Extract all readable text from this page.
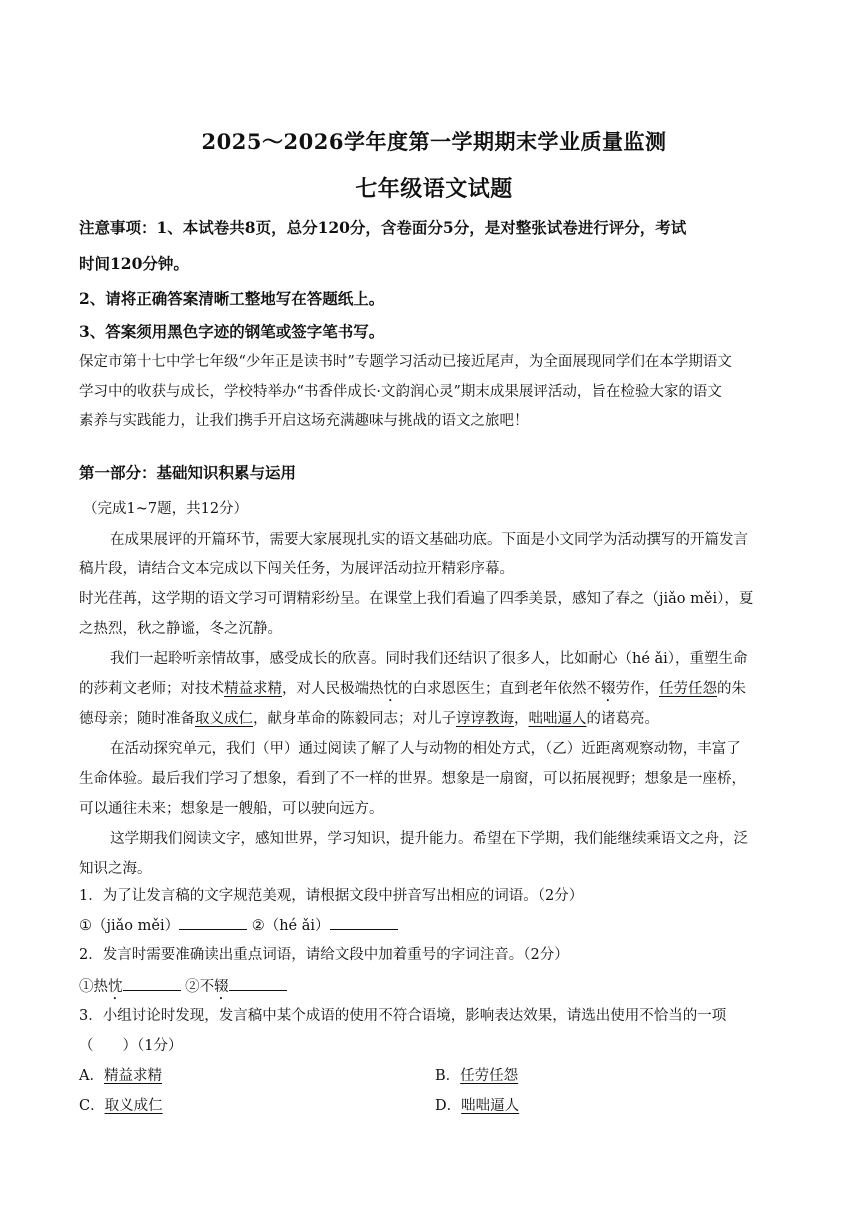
2025～2026学年度第一学期期末学业质量监测
七年级语文试题
注意事项：1、本试卷共8页，总分120分，含卷面分5分，是对整张试卷进行评分，考试
时间120分钟。
2、请将正确答案清晰工整地写在答题纸上。
3、答案须用黑色字迹的钢笔或签字笔书写。
保定市第十七中学七年级“少年正是读书时”专题学习活动已接近尾声，为全面展现同学们在本学期语文
学习中的收获与成长，学校特举办“书香伴成长·文韵润心灵”期末成果展评活动，旨在检验大家的语文
素养与实践能力，让我们携手开启这场充满趣味与挑战的语文之旅吧！
第一部分：基础知识积累与运用
（完成1~7题，共12分）
在成果展评的开篇环节，需要大家展现扎实的语文基础功底。下面是小文同学为活动撰写的开篇发言
稿片段，请结合文本完成以下闯关任务，为展评活动拉开精彩序幕。
时光荏苒，这学期的语文学习可谓精彩纷呈。在课堂上我们看遍了四季美景，感知了春之（jiǎo měi），夏
之热烈，秋之静谧，冬之沉静。
我们一起聆听亲情故事，感受成长的欣喜。同时我们还结识了很多人，比如耐心（hé ǎi），重塑生命
的莎莉文老师；对技术精益求精，对人民极端热忱的白求恩医生；直到老年依然不辍劳作，任劳任怨的朱
德母亲；随时准备取义成仁，献身革命的陈毅同志；对儿子谆谆教诲，咄咄逼人的诸葛亮。
在活动探究单元，我们（甲）通过阅读了解了人与动物的相处方式，（乙）近距离观察动物，丰富了
生命体验。最后我们学习了想象，看到了不一样的世界。想象是一扇窗，可以拓展视野；想象是一座桥，
可以通往未来；想象是一艘船，可以驶向远方。
这学期我们阅读文字，感知世界，学习知识，提升能力。希望在下学期，我们能继续乘语文之舟，泛
知识之海。
1．为了让发言稿的文字规范美观，请根据文段中拼音写出相应的词语。（2分）
①（jiǎo měi）	②（hé ǎi）
2．发言时需要准确读出重点词语，请给文段中加着重号的字词注音。（2分）
①热忱	②不辍
3．小组讨论时发现，发言稿中某个成语的使用不符合语境，影响表达效果，请选出使用不恰当的一项
（　　）（1分）
A．精益求精	B．任劳任怨
C．取义成仁	D．咄咄逼人
